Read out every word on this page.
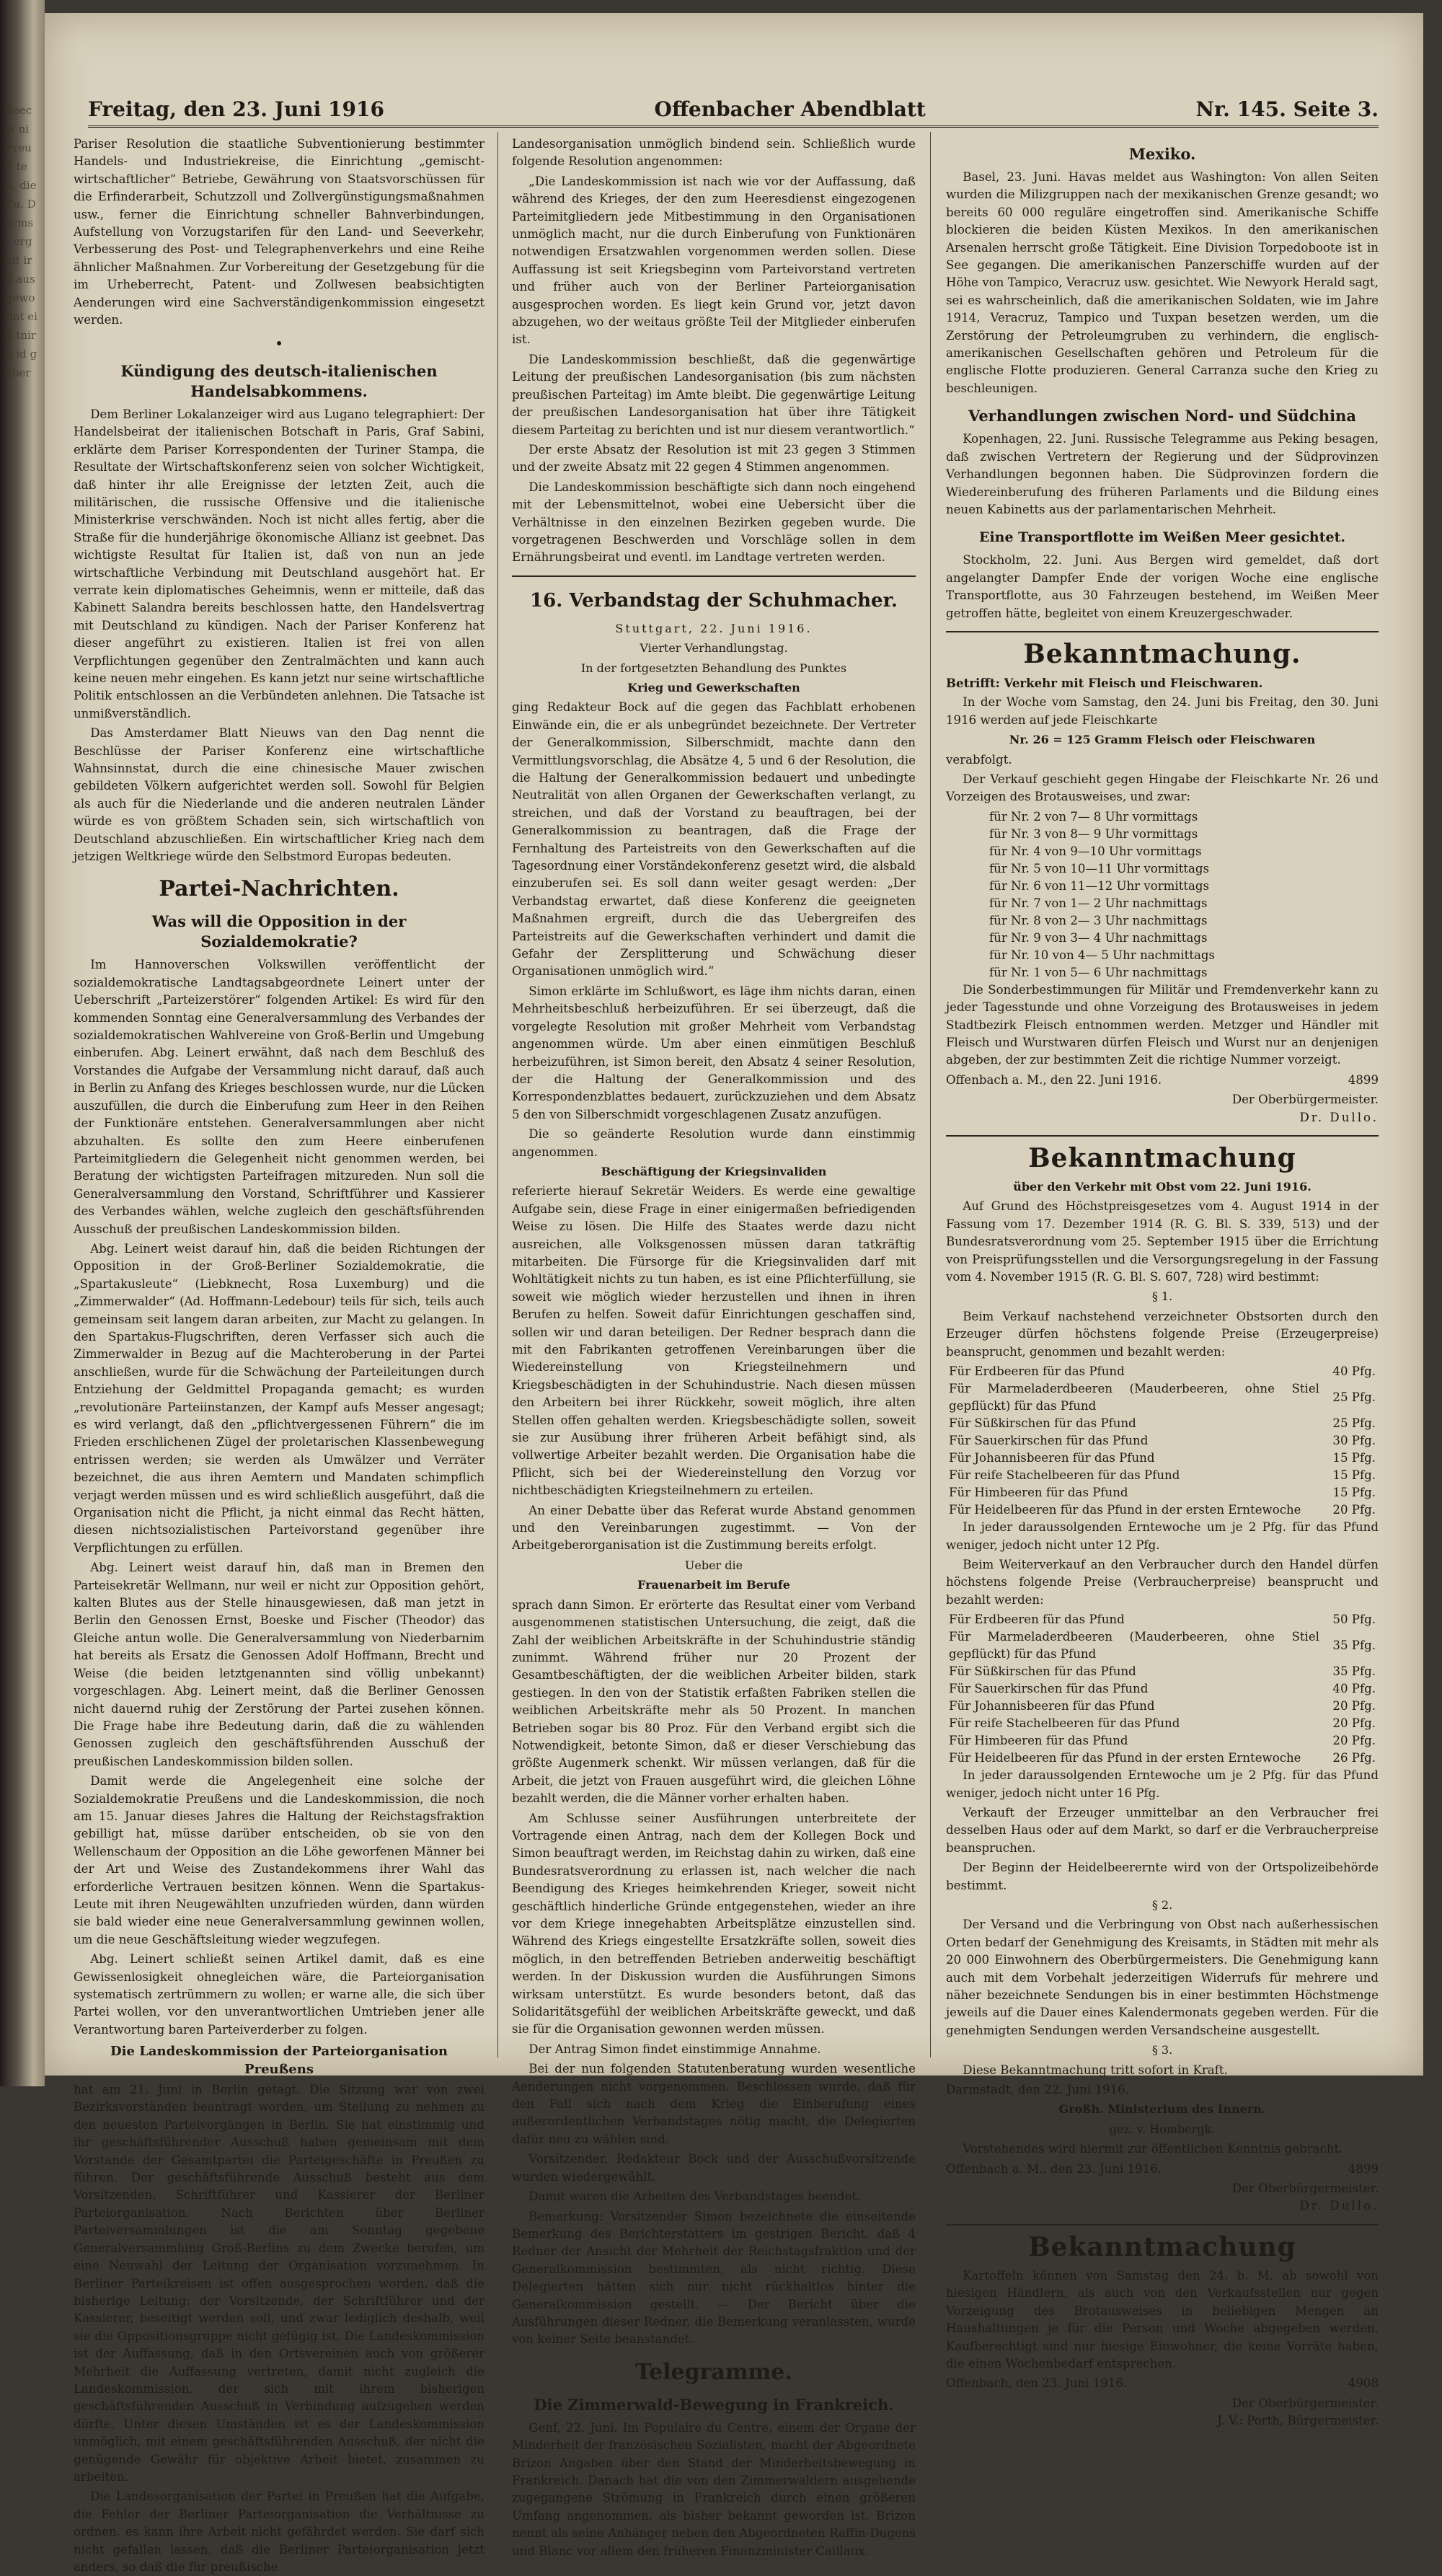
fleecw ni Preuß ten, die Zu. Darmst ergeit ird ausgewohnt ein tnirb id geber
Freitag, den 23. Juni 1916	Offenbacher Abendblatt	Nr. 145. Seite 3.

Pariser Resolution die staatliche Subventionierung bestimmter Handels- und Industriekreise, die Einrichtung „gemischt-wirtschaftlicher“ Betriebe, Gewährung von Staatsvorschüssen für die Erfinderarbeit, Schutzzoll und Zollvergünstigungsmaßnahmen usw., ferner die Einrichtung schneller Bahnverbindungen, Aufstellung von Vorzugstarifen für den Land- und Seeverkehr, Verbesserung des Post- und Telegraphenverkehrs und eine Reihe ähnlicher Maßnahmen. Zur Vorbereitung der Gesetzgebung für die im Urheberrecht, Patent- und Zollwesen beabsichtigten Aenderungen wird eine Sachverständigenkommission eingesetzt werden.

•
Kündigung des deutsch-italienischen Handelsabkommens.

Dem Berliner Lokalanzeiger wird aus Lugano telegraphiert: Der Handelsbeirat der italienischen Botschaft in Paris, Graf Sabini, erklärte dem Pariser Korrespondenten der Turiner Stampa, die Resultate der Wirtschaftskonferenz seien von solcher Wichtigkeit, daß hinter ihr alle Ereignisse der letzten Zeit, auch die militärischen, die russische Offensive und die italienische Ministerkrise verschwänden. Noch ist nicht alles fertig, aber die Straße für die hunderjährige ökonomische Allianz ist geebnet. Das wichtigste Resultat für Italien ist, daß von nun an jede wirtschaftliche Verbindung mit Deutschland ausgehört hat. Er verrate kein diplomatisches Geheimnis, wenn er mitteile, daß das Kabinett Salandra bereits beschlossen hatte, den Handelsvertrag mit Deutschland zu kündigen. Nach der Pariser Konferenz hat dieser angeführt zu existieren. Italien ist frei von allen Verpflichtungen gegenüber den Zentralmächten und kann auch keine neuen mehr eingehen. Es kann jetzt nur seine wirtschaftliche Politik entschlossen an die Verbündeten anlehnen. Die Tatsache ist unmißverständlich.

Das Amsterdamer Blatt Nieuws van den Dag nennt die Beschlüsse der Pariser Konferenz eine wirtschaftliche Wahnsinnstat, durch die eine chinesische Mauer zwischen gebildeten Völkern aufgerichtet werden soll. Sowohl für Belgien als auch für die Niederlande und die anderen neutralen Länder würde es von größtem Schaden sein, sich wirtschaftlich von Deutschland abzuschließen. Ein wirtschaftlicher Krieg nach dem jetzigen Weltkriege würde den Selbstmord Europas bedeuten.

Partei-Nachrichten.
Was will die Opposition in der Sozialdemokratie?

Im Hannoverschen Volkswillen veröffentlicht der sozialdemokratische Landtagsabgeordnete Leinert unter der Ueberschrift „Parteizerstörer“ folgenden Artikel: Es wird für den kommenden Sonntag eine Generalversammlung des Verbandes der sozialdemokratischen Wahlvereine von Groß-Berlin und Umgebung einberufen. Abg. Leinert erwähnt, daß nach dem Beschluß des Vorstandes die Aufgabe der Versammlung nicht darauf, daß auch in Berlin zu Anfang des Krieges beschlossen wurde, nur die Lücken auszufüllen, die durch die Einberufung zum Heer in den Reihen der Funktionäre entstehen. Generalversammlungen aber nicht abzuhalten. Es sollte den zum Heere einberufenen Parteimitgliedern die Gelegenheit nicht genommen werden, bei Beratung der wichtigsten Parteifragen mitzureden. Nun soll die Generalversammlung den Vorstand, Schriftführer und Kassierer des Verbandes wählen, welche zugleich den geschäftsführenden Ausschuß der preußischen Landeskommission bilden.

Abg. Leinert weist darauf hin, daß die beiden Richtungen der Opposition in der Groß-Berliner Sozialdemokratie, die „Spartakusleute“ (Liebknecht, Rosa Luxemburg) und die „Zimmerwalder“ (Ad. Hoffmann-Ledebour) teils für sich, teils auch gemeinsam seit langem daran arbeiten, zur Macht zu gelangen. In den Spartakus-Flugschriften, deren Verfasser sich auch die Zimmerwalder in Bezug auf die Machteroberung in der Partei anschließen, wurde für die Schwächung der Parteileitungen durch Entziehung der Geldmittel Propaganda gemacht; es wurden „revolutionäre Parteiinstanzen, der Kampf aufs Messer angesagt; es wird verlangt, daß den „pflichtvergessenen Führern“ die im Frieden erschlichenen Zügel der proletarischen Klassenbewegung entrissen werden; sie werden als Umwälzer und Verräter bezeichnet, die aus ihren Aemtern und Mandaten schimpflich verjagt werden müssen und es wird schließlich ausgeführt, daß die Organisation nicht die Pflicht, ja nicht einmal das Recht hätten, diesen nichtsozialistischen Parteivorstand gegenüber ihre Verpflichtungen zu erfüllen.

Abg. Leinert weist darauf hin, daß man in Bremen den Parteisekretär Wellmann, nur weil er nicht zur Opposition gehört, kalten Blutes aus der Stelle hinausgewiesen, daß man jetzt in Berlin den Genossen Ernst, Boeske und Fischer (Theodor) das Gleiche antun wolle. Die Generalversammlung von Niederbarnim hat bereits als Ersatz die Genossen Adolf Hoffmann, Brecht und Weise (die beiden letztgenannten sind völlig unbekannt) vorgeschlagen. Abg. Leinert meint, daß die Berliner Genossen nicht dauernd ruhig der Zerstörung der Partei zusehen können. Die Frage habe ihre Bedeutung darin, daß die zu wählenden Genossen zugleich den geschäftsführenden Ausschuß der preußischen Landeskommission bilden sollen.

Damit werde die Angelegenheit eine solche der Sozialdemokratie Preußens und die Landeskommission, die noch am 15. Januar dieses Jahres die Haltung der Reichstagsfraktion gebilligt hat, müsse darüber entscheiden, ob sie von den Wellenschaum der Opposition an die Löhe geworfenen Männer bei der Art und Weise des Zustandekommens ihrer Wahl das erforderliche Vertrauen besitzen können. Wenn die Spartakus-Leute mit ihren Neugewählten unzufrieden würden, dann würden sie bald wieder eine neue Generalversammlung gewinnen wollen, um die neue Geschäftsleitung wieder wegzufegen.

Abg. Leinert schließt seinen Artikel damit, daß es eine Gewissenlosigkeit ohnegleichen wäre, die Parteiorganisation systematisch zertrümmern zu wollen; er warne alle, die sich über Partei wollen, vor den unverantwortlichen Umtrieben jener alle Verantwortung baren Parteiverderber zu folgen.

Die Landeskommission der Parteiorganisation Preußens

hat am 21. Juni in Berlin getagt. Die Sitzung war von zwei Bezirksvorständen beantragt worden, um Stellung zu nehmen zu den neuesten Parteivorgängen in Berlin. Sie hat einstimmig und ihr geschäftsführender Ausschuß haben gemeinsam mit dem Vorstande der Gesamtpartei die Parteigeschäfte in Preußen zu führen. Der geschäftsführende Ausschuß besteht aus dem Vorsitzenden, Schriftführer und Kassierer der Berliner Parteiorganisation. Nach Berichten über Berliner Parteiversammlungen ist die am Sonntag gegebene Generalversammlung Groß-Berlins zu dem Zwecke berufen, um eine Neuwahl der Leitung der Organisation vorzunehmen. In Berliner Parteikreisen ist offen ausgesprochen worden, daß die bisherige Leitung: der Vorsitzende, der Schriftführer und der Kassierer, beseitigt werden soll, und zwar lediglich deshalb, weil sie die Oppositionsgruppe nicht gefügig ist. Die Landeskommission ist der Auffassung, daß in den Ortsvereinen auch von größerer Mehrheit die Auffassung vertreten, damit nicht zugleich die Landeskommission, der sich mit ihrem bisherigen geschäftsführenden Ausschuß in Verbindung aufzugehen werden dürfte. Unter diesen Umständen ist es der Landeskommission unmöglich, mit einem geschäftsführenden Ausschuß, der nicht die genügende Gewähr für objektive Arbeit bietet, zusammen zu arbeiten.

Die Landesorganisation der Partei in Preußen hat die Aufgabe, die Fehler der Berliner Parteiorganisation die Verhältnisse zu ordnen, es kann ihre Arbeit nicht gefährdet werden. Sie darf sich nicht gefallen lassen, daß die Berliner Parteiorganisation jetzt anders, so daß die für preußische

Landesorganisation unmöglich bindend sein. Schließlich wurde folgende Resolution angenommen:

„Die Landeskommission ist nach wie vor der Auffassung, daß während des Krieges, der den zum Heeresdienst eingezogenen Parteimitgliedern jede Mitbestimmung in den Organisationen unmöglich macht, nur die durch Einberufung von Funktionären notwendigen Ersatzwahlen vorgenommen werden sollen. Diese Auffassung ist seit Kriegsbeginn vom Parteivorstand vertreten und früher auch von der Berliner Parteiorganisation ausgesprochen worden. Es liegt kein Grund vor, jetzt davon abzugehen, wo der weitaus größte Teil der Mitglieder einberufen ist.

Die Landeskommission beschließt, daß die gegenwärtige Leitung der preußischen Landesorganisation (bis zum nächsten preußischen Parteitag) im Amte bleibt. Die gegenwärtige Leitung der preußischen Landesorganisation hat über ihre Tätigkeit diesem Parteitag zu berichten und ist nur diesem verantwortlich.“

Der erste Absatz der Resolution ist mit 23 gegen 3 Stimmen und der zweite Absatz mit 22 gegen 4 Stimmen angenommen.

Die Landeskommission beschäftigte sich dann noch eingehend mit der Lebensmittelnot, wobei eine Uebersicht über die Verhältnisse in den einzelnen Bezirken gegeben wurde. Die vorgetragenen Beschwerden und Vorschläge sollen in dem Ernährungsbeirat und eventl. im Landtage vertreten werden.

16. Verbandstag der Schuhmacher.
Stuttgart, 22. Juni 1916.
Vierter Verhandlungstag.
In der fortgesetzten Behandlung des Punktes
Krieg und Gewerkschaften

ging Redakteur Bock auf die gegen das Fachblatt erhobenen Einwände ein, die er als unbegründet bezeichnete. Der Vertreter der Generalkommission, Silberschmidt, machte dann den Vermittlungsvorschlag, die Absätze 4, 5 und 6 der Resolution, die die Haltung der Generalkommission bedauert und unbedingte Neutralität von allen Organen der Gewerkschaften verlangt, zu streichen, und daß der Vorstand zu beauftragen, bei der Generalkommission zu beantragen, daß die Frage der Fernhaltung des Parteistreits von den Gewerkschaften auf die Tagesordnung einer Vorständekonferenz gesetzt wird, die alsbald einzuberufen sei. Es soll dann weiter gesagt werden: „Der Verbandstag erwartet, daß diese Konferenz die geeigneten Maßnahmen ergreift, durch die das Uebergreifen des Parteistreits auf die Gewerkschaften verhindert und damit die Gefahr der Zersplitterung und Schwächung dieser Organisationen unmöglich wird.“

Simon erklärte im Schlußwort, es läge ihm nichts daran, einen Mehrheitsbeschluß herbeizuführen. Er sei überzeugt, daß die vorgelegte Resolution mit großer Mehrheit vom Verbandstag angenommen würde. Um aber einen einmütigen Beschluß herbeizuführen, ist Simon bereit, den Absatz 4 seiner Resolution, der die Haltung der Generalkommission und des Korrespondenzblattes bedauert, zurückzuziehen und dem Absatz 5 den von Silberschmidt vorgeschlagenen Zusatz anzufügen.

Die so geänderte Resolution wurde dann einstimmig angenommen.

Beschäftigung der Kriegsinvaliden

referierte hierauf Sekretär Weiders. Es werde eine gewaltige Aufgabe sein, diese Frage in einer einigermaßen befriedigenden Weise zu lösen. Die Hilfe des Staates werde dazu nicht ausreichen, alle Volksgenossen müssen daran tatkräftig mitarbeiten. Die Fürsorge für die Kriegsinvaliden darf mit Wohltätigkeit nichts zu tun haben, es ist eine Pflichterfüllung, sie soweit wie möglich wieder herzustellen und ihnen in ihren Berufen zu helfen. Soweit dafür Einrichtungen geschaffen sind, sollen wir und daran beteiligen. Der Redner besprach dann die mit den Fabrikanten getroffenen Vereinbarungen über die Wiedereinstellung von Kriegsteilnehmern und Kriegsbeschädigten in der Schuhindustrie. Nach diesen müssen den Arbeitern bei ihrer Rückkehr, soweit möglich, ihre alten Stellen offen gehalten werden. Kriegsbeschädigte sollen, soweit sie zur Ausübung ihrer früheren Arbeit befähigt sind, als vollwertige Arbeiter bezahlt werden. Die Organisation habe die Pflicht, sich bei der Wiedereinstellung den Vorzug vor nichtbeschädigten Kriegsteilnehmern zu erteilen.

An einer Debatte über das Referat wurde Abstand genommen und den Vereinbarungen zugestimmt. — Von der Arbeitgeberorganisation ist die Zustimmung bereits erfolgt.

Ueber die
Frauenarbeit im Berufe

sprach dann Simon. Er erörterte das Resultat einer vom Verband ausgenommenen statistischen Untersuchung, die zeigt, daß die Zahl der weiblichen Arbeitskräfte in der Schuhindustrie ständig zunimmt. Während früher nur 20 Prozent der Gesamtbeschäftigten, der die weiblichen Arbeiter bilden, stark gestiegen. In den von der Statistik erfaßten Fabriken stellen die weiblichen Arbeitskräfte mehr als 50 Prozent. In manchen Betrieben sogar bis 80 Proz. Für den Verband ergibt sich die Notwendigkeit, betonte Simon, daß er dieser Verschiebung das größte Augenmerk schenkt. Wir müssen verlangen, daß für die Arbeit, die jetzt von Frauen ausgeführt wird, die gleichen Löhne bezahlt werden, die die Männer vorher erhalten haben.

Am Schlusse seiner Ausführungen unterbreitete der Vortragende einen Antrag, nach dem der Kollegen Bock und Simon beauftragt werden, im Reichstag dahin zu wirken, daß eine Bundesratsverordnung zu erlassen ist, nach welcher die nach Beendigung des Krieges heimkehrenden Krieger, soweit nicht geschäftlich hinderliche Gründe entgegenstehen, wieder an ihre vor dem Kriege innegehabten Arbeitsplätze einzustellen sind. Während des Kriegs eingestellte Ersatzkräfte sollen, soweit dies möglich, in den betreffenden Betrieben anderweitig beschäftigt werden. In der Diskussion wurden die Ausführungen Simons wirksam unterstützt. Es wurde besonders betont, daß das Solidaritätsgefühl der weiblichen Arbeitskräfte geweckt, und daß sie für die Organisation gewonnen werden müssen.

Der Antrag Simon findet einstimmige Annahme.

Bei der nun folgenden Statutenberatung wurden wesentliche Aenderungen nicht vorgenommen. Beschlossen wurde, daß für den Fall sich nach dem Krieg die Einberufung eines außerordentlichen Verbandstages nötig macht, die Delegierten dafür neu zu wählen sind.

Vorsitzender, Redakteur Bock und der Ausschußvorsitzende wurden wiedergewählt.

Damit waren die Arbeiten des Verbandstages beendet.

Bemerkung: Vorsitzender Simon bezeichnete die einseitende Bemerkung des Berichterstatters im gestrigen Bericht, daß 4 Redner der Ansicht der Mehrheit der Reichstagsfraktion und der Generalkommission bestimmten, als nicht richtig. Diese Delegierten hätten sich nur nicht rückhaltlos hinter die Generalkommission gestellt. — Der Bericht über die Ausführungen dieser Redner, die Bemerkung veranlassten, wurde von keiner Seite beanstandet.

Telegramme.
Die Zimmerwald-Bewegung in Frankreich.

Genf, 22. Juni. Im Populaire du Centre, einem der Organe der Minderheit der französischen Sozialisten, macht der Abgeordnete Brizon Angaben über den Stand der Minderheitsbewegung in Frankreich. Danach hat die von den Zimmerwaldern ausgehende zugegangene Strömung in Frankreich durch einen größeren Umfang angenommen, als bisher bekannt geworden ist. Brizon nennt als seine Anhänger neben den Abgeordneten Raffin-Dugens und Blanc vor allem den früheren Finanzminister Caillaux.

Mexiko.

Basel, 23. Juni. Havas meldet aus Washington: Von allen Seiten wurden die Milizgruppen nach der mexikanischen Grenze gesandt; wo bereits 60 000 reguläre eingetroffen sind. Amerikanische Schiffe blockieren die beiden Küsten Mexikos. In den amerikanischen Arsenalen herrscht große Tätigkeit. Eine Division Torpedoboote ist in See gegangen. Die amerikanischen Panzerschiffe wurden auf der Höhe von Tampico, Veracruz usw. gesichtet. Wie Newyork Herald sagt, sei es wahrscheinlich, daß die amerikanischen Soldaten, wie im Jahre 1914, Veracruz, Tampico und Tuxpan besetzen werden, um die Zerstörung der Petroleumgruben zu verhindern, die englisch-amerikanischen Gesellschaften gehören und Petroleum für die englische Flotte produzieren. General Carranza suche den Krieg zu beschleunigen.

Verhandlungen zwischen Nord- und Südchina

Kopenhagen, 22. Juni. Russische Telegramme aus Peking besagen, daß zwischen Vertretern der Regierung und der Südprovinzen Verhandlungen begonnen haben. Die Südprovinzen fordern die Wiedereinberufung des früheren Parlaments und die Bildung eines neuen Kabinetts aus der parlamentarischen Mehrheit.

Eine Transportflotte im Weißen Meer gesichtet.

Stockholm, 22. Juni. Aus Bergen wird gemeldet, daß dort angelangter Dampfer Ende der vorigen Woche eine englische Transportflotte, aus 30 Fahrzeugen bestehend, im Weißen Meer getroffen hätte, begleitet von einem Kreuzergeschwader.

Bekanntmachung.

Betrifft: Verkehr mit Fleisch und Fleischwaren.

In der Woche vom Samstag, den 24. Juni bis Freitag, den 30. Juni 1916 werden auf jede Fleischkarte

Nr. 26 = 125 Gramm Fleisch oder Fleischwaren

verabfolgt.

Der Verkauf geschieht gegen Hingabe der Fleischkarte Nr. 26 und Vorzeigen des Brotausweises, und zwar:

für Nr. 2 von 7— 8 Uhr vormittags
für Nr. 3 von 8— 9 Uhr vormittags
für Nr. 4 von 9—10 Uhr vormittags
für Nr. 5 von 10—11 Uhr vormittags
für Nr. 6 von 11—12 Uhr vormittags
für Nr. 7 von 1— 2 Uhr nachmittags
für Nr. 8 von 2— 3 Uhr nachmittags
für Nr. 9 von 3— 4 Uhr nachmittags
für Nr. 10 von 4— 5 Uhr nachmittags
für Nr. 1 von 5— 6 Uhr nachmittags

Die Sonderbestimmungen für Militär und Fremdenverkehr kann zu jeder Tagesstunde und ohne Vorzeigung des Brotausweises in jedem Stadtbezirk Fleisch entnommen werden. Metzger und Händler mit Fleisch und Wurstwaren dürfen Fleisch und Wurst nur an denjenigen abgeben, der zur bestimmten Zeit die richtige Nummer vorzeigt.

Offenbach a. M., den 22. Juni 1916.	4899

Der Oberbürgermeister.
Dr. Dullo.
Bekanntmachung
über den Verkehr mit Obst vom 22. Juni 1916.

Auf Grund des Höchstpreisgesetzes vom 4. August 1914 in der Fassung vom 17. Dezember 1914 (R. G. Bl. S. 339, 513) und der Bundesratsverordnung vom 25. September 1915 über die Errichtung von Preisprüfungsstellen und die Versorgungsregelung in der Fassung vom 4. November 1915 (R. G. Bl. S. 607, 728) wird bestimmt:

§ 1.

Beim Verkauf nachstehend verzeichneter Obstsorten durch den Erzeuger dürfen höchstens folgende Preise (Erzeugerpreise) beansprucht, genommen und bezahlt werden:

Für Erdbeeren für das Pfund	40 Pfg.
Für Marmeladerdbeeren (Mauderbeeren, ohne Stiel gepflückt) für das Pfund	25 Pfg.
Für Süßkirschen für das Pfund	25 Pfg.
Für Sauerkirschen für das Pfund	30 Pfg.
Für Johannisbeeren für das Pfund	15 Pfg.
Für reife Stachelbeeren für das Pfund	15 Pfg.
Für Himbeeren für das Pfund	15 Pfg.
Für Heidelbeeren für das Pfund in der ersten Erntewoche	20 Pfg.

In jeder daraussolgenden Erntewoche um je 2 Pfg. für das Pfund weniger, jedoch nicht unter 12 Pfg.

Beim Weiterverkauf an den Verbraucher durch den Handel dürfen höchstens folgende Preise (Verbraucherpreise) beansprucht und bezahlt werden:

Für Erdbeeren für das Pfund	50 Pfg.
Für Marmeladerdbeeren (Mauderbeeren, ohne Stiel gepflückt) für das Pfund	35 Pfg.
Für Süßkirschen für das Pfund	35 Pfg.
Für Sauerkirschen für das Pfund	40 Pfg.
Für Johannisbeeren für das Pfund	20 Pfg.
Für reife Stachelbeeren für das Pfund	20 Pfg.
Für Himbeeren für das Pfund	20 Pfg.
Für Heidelbeeren für das Pfund in der ersten Erntewoche	26 Pfg.

In jeder daraussolgenden Erntewoche um je 2 Pfg. für das Pfund weniger, jedoch nicht unter 16 Pfg.

Verkauft der Erzeuger unmittelbar an den Verbraucher frei desselben Haus oder auf dem Markt, so darf er die Verbraucherpreise beanspruchen.

Der Beginn der Heidelbeerernte wird von der Ortspolizeibehörde bestimmt.

§ 2.

Der Versand und die Verbringung von Obst nach außerhessischen Orten bedarf der Genehmigung des Kreisamts, in Städten mit mehr als 20 000 Einwohnern des Oberbürgermeisters. Die Genehmigung kann auch mit dem Vorbehalt jederzeitigen Widerrufs für mehrere und näher bezeichnete Sendungen bis in einer bestimmten Höchstmenge jeweils auf die Dauer eines Kalendermonats gegeben werden. Für die genehmigten Sendungen werden Versandscheine ausgestellt.

§ 3.

Diese Bekanntmachung tritt sofort in Kraft.

Darmstadt, den 22. Juni 1916.

Großh. Ministerium des Innern.
gez. v. Hombergk.

Vorstehendes wird hiermit zur öffentlichen Kenntnis gebracht.

Offenbach a. M., den 23. Juni 1916.	4899

Der Oberbürgermeister.
Dr. Dullo.
Bekanntmachung

Kartoffeln können von Samstag den 24. b. M. ab sowohl von hiesigen Händlern, als auch von den Verkaufsstellen nur gegen Vorzeigung des Brotausweises in beliebigen Mengen an Haushaltungen je für die Person und Woche abgegeben werden. Kaufberechtigt sind nur hiesige Einwohner, die keine Vorräte haben, die einen Wochenbedarf entsprechen.

Offenbach, den 23. Juni 1916.	4908

Der Oberbürgermeister.
J. V.: Porth, Bürgermeister.
